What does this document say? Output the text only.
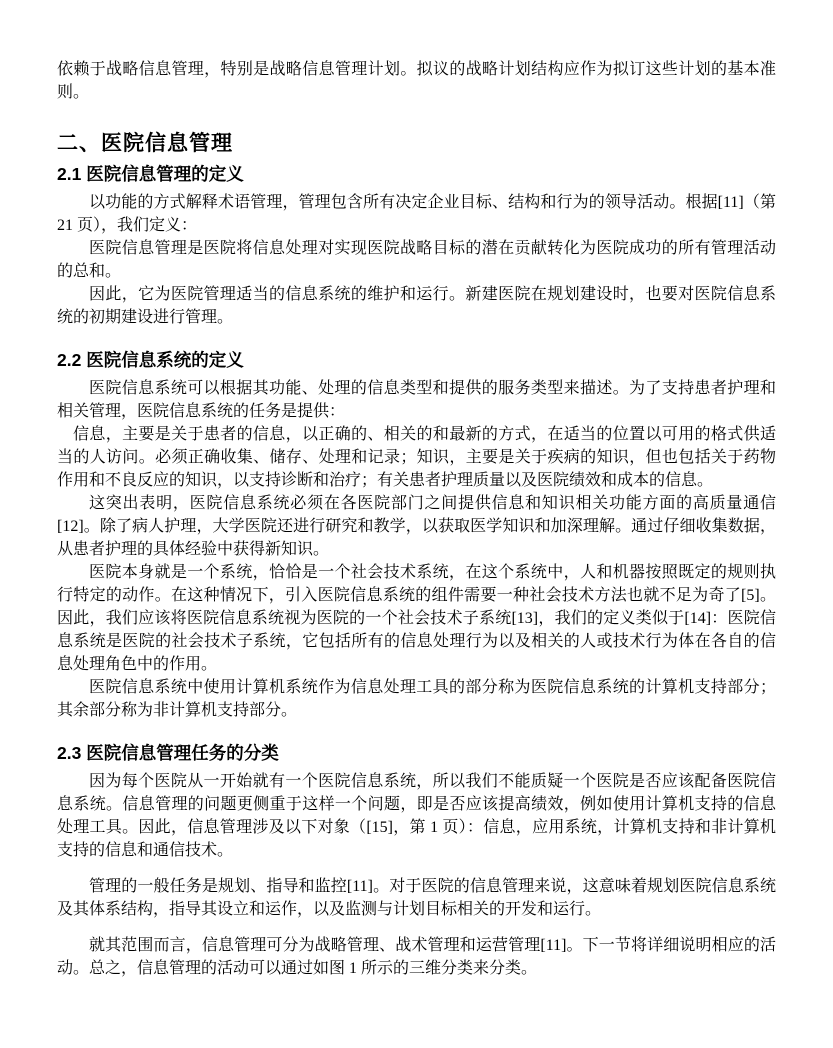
依赖于战略信息管理，特别是战略信息管理计划。拟议的战略计划结构应作为拟订这些计划的基本准则。

二、医院信息管理
2.1 医院信息管理的定义

以功能的方式解释术语管理，管理包含所有决定企业目标、结构和行为的领导活动。根据[11]（第 21 页），我们定义：

医院信息管理是医院将信息处理对实现医院战略目标的潜在贡献转化为医院成功的所有管理活动的总和。

因此，它为医院管理适当的信息系统的维护和运行。新建医院在规划建设时，也要对医院信息系统的初期建设进行管理。

2.2 医院信息系统的定义

医院信息系统可以根据其功能、处理的信息类型和提供的服务类型来描述。为了支持患者护理和相关管理，医院信息系统的任务是提供：

信息，主要是关于患者的信息，以正确的、相关的和最新的方式，在适当的位置以可用的格式供适当的人访问。必须正确收集、储存、处理和记录；知识，主要是关于疾病的知识，但也包括关于药物作用和不良反应的知识，以支持诊断和治疗；有关患者护理质量以及医院绩效和成本的信息。

这突出表明，医院信息系统必须在各医院部门之间提供信息和知识相关功能方面的高质量通信[12]。除了病人护理，大学医院还进行研究和教学，以获取医学知识和加深理解。通过仔细收集数据，从患者护理的具体经验中获得新知识。

医院本身就是一个系统，恰恰是一个社会技术系统，在这个系统中，人和机器按照既定的规则执行特定的动作。在这种情况下，引入医院信息系统的组件需要一种社会技术方法也就不足为奇了[5]。因此，我们应该将医院信息系统视为医院的一个社会技术子系统[13]，我们的定义类似于[14]：医院信息系统是医院的社会技术子系统，它包括所有的信息处理行为以及相关的人或技术行为体在各自的信息处理角色中的作用。

医院信息系统中使用计算机系统作为信息处理工具的部分称为医院信息系统的计算机支持部分；其余部分称为非计算机支持部分。

2.3 医院信息管理任务的分类

因为每个医院从一开始就有一个医院信息系统，所以我们不能质疑一个医院是否应该配备医院信息系统。信息管理的问题更侧重于这样一个问题，即是否应该提高绩效，例如使用计算机支持的信息处理工具。因此，信息管理涉及以下对象（[15]，第 1 页）：信息，应用系统，计算机支持和非计算机支持的信息和通信技术。

管理的一般任务是规划、指导和监控[11]。对于医院的信息管理来说，这意味着规划医院信息系统及其体系结构，指导其设立和运作，以及监测与计划目标相关的开发和运行。

就其范围而言，信息管理可分为战略管理、战术管理和运营管理[11]。下一节将详细说明相应的活动。总之，信息管理的活动可以通过如图 1 所示的三维分类来分类。
